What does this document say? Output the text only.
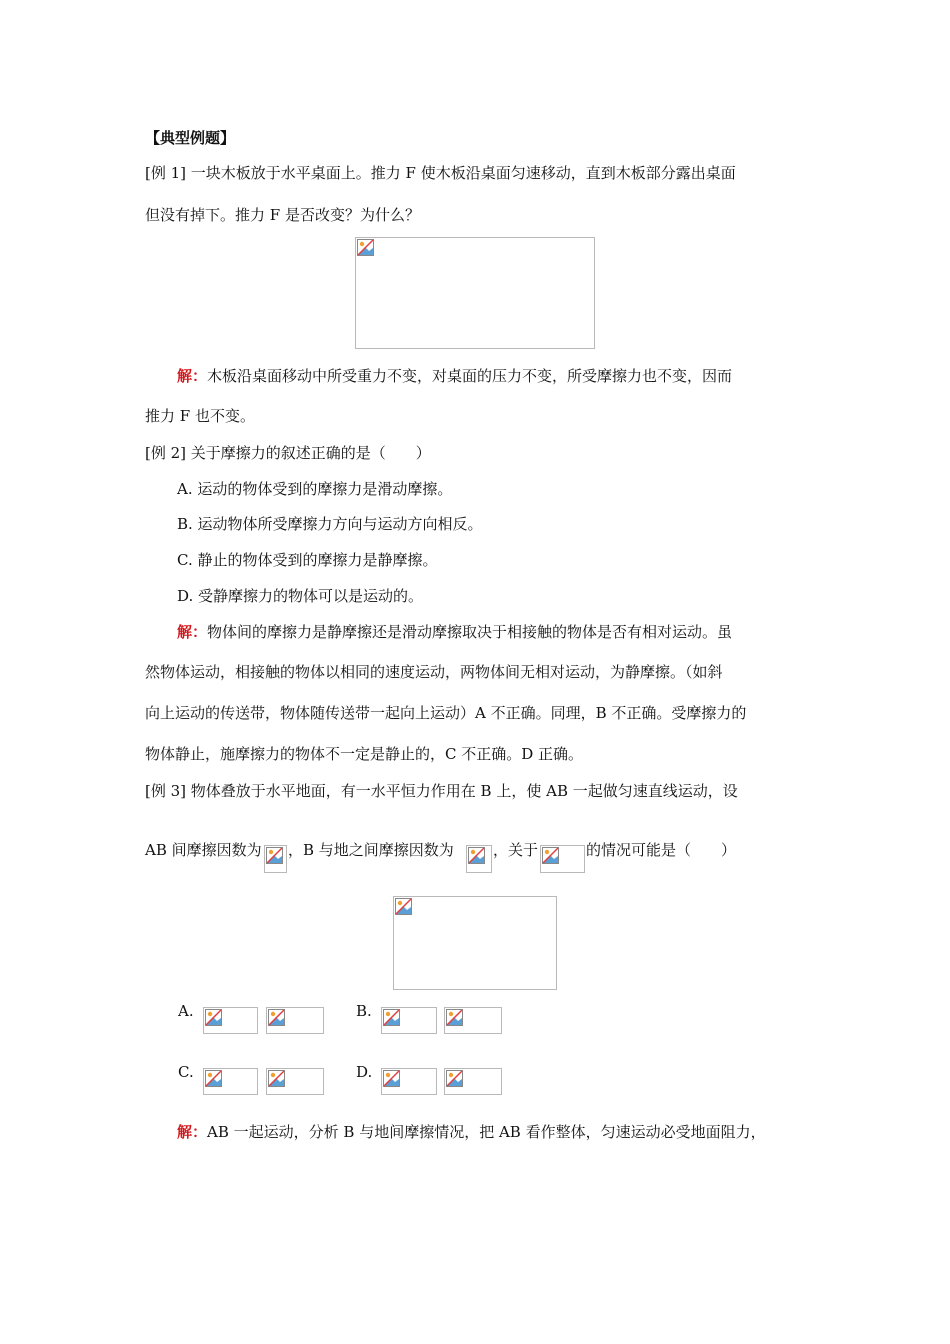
【典型例题】
[例 1] 一块木板放于水平桌面上。推力 F 使木板沿桌面匀速移动，直到木板部分露出桌面
但没有掉下。推力 F 是否改变？为什么？
解：木板沿桌面移动中所受重力不变，对桌面的压力不变，所受摩擦力也不变，因而
推力 F 也不变。
[例 2] 关于摩擦力的叙述正确的是（　　）
A. 运动的物体受到的摩擦力是滑动摩擦。
B. 运动物体所受摩擦力方向与运动方向相反。
C. 静止的物体受到的摩擦力是静摩擦。
D. 受静摩擦力的物体可以是运动的。
解：物体间的摩擦力是静摩擦还是滑动摩擦取决于相接触的物体是否有相对运动。虽
然物体运动，相接触的物体以相同的速度运动，两物体间无相对运动，为静摩擦。（如斜
向上运动的传送带，物体随传送带一起向上运动）A 不正确。同理，B 不正确。受摩擦力的
物体静止，施摩擦力的物体不一定是静止的，C 不正确。D 正确。
[例 3] 物体叠放于水平地面，有一水平恒力作用在 B 上，使 AB 一起做匀速直线运动，设
AB 间摩擦因数为 ，B 与地之间摩擦因数为	，关于	的情况可能是（　　）
A.	B.
C.	D.
解：AB 一起运动，分析 B 与地间摩擦情况，把 AB 看作整体，匀速运动必受地面阻力，
